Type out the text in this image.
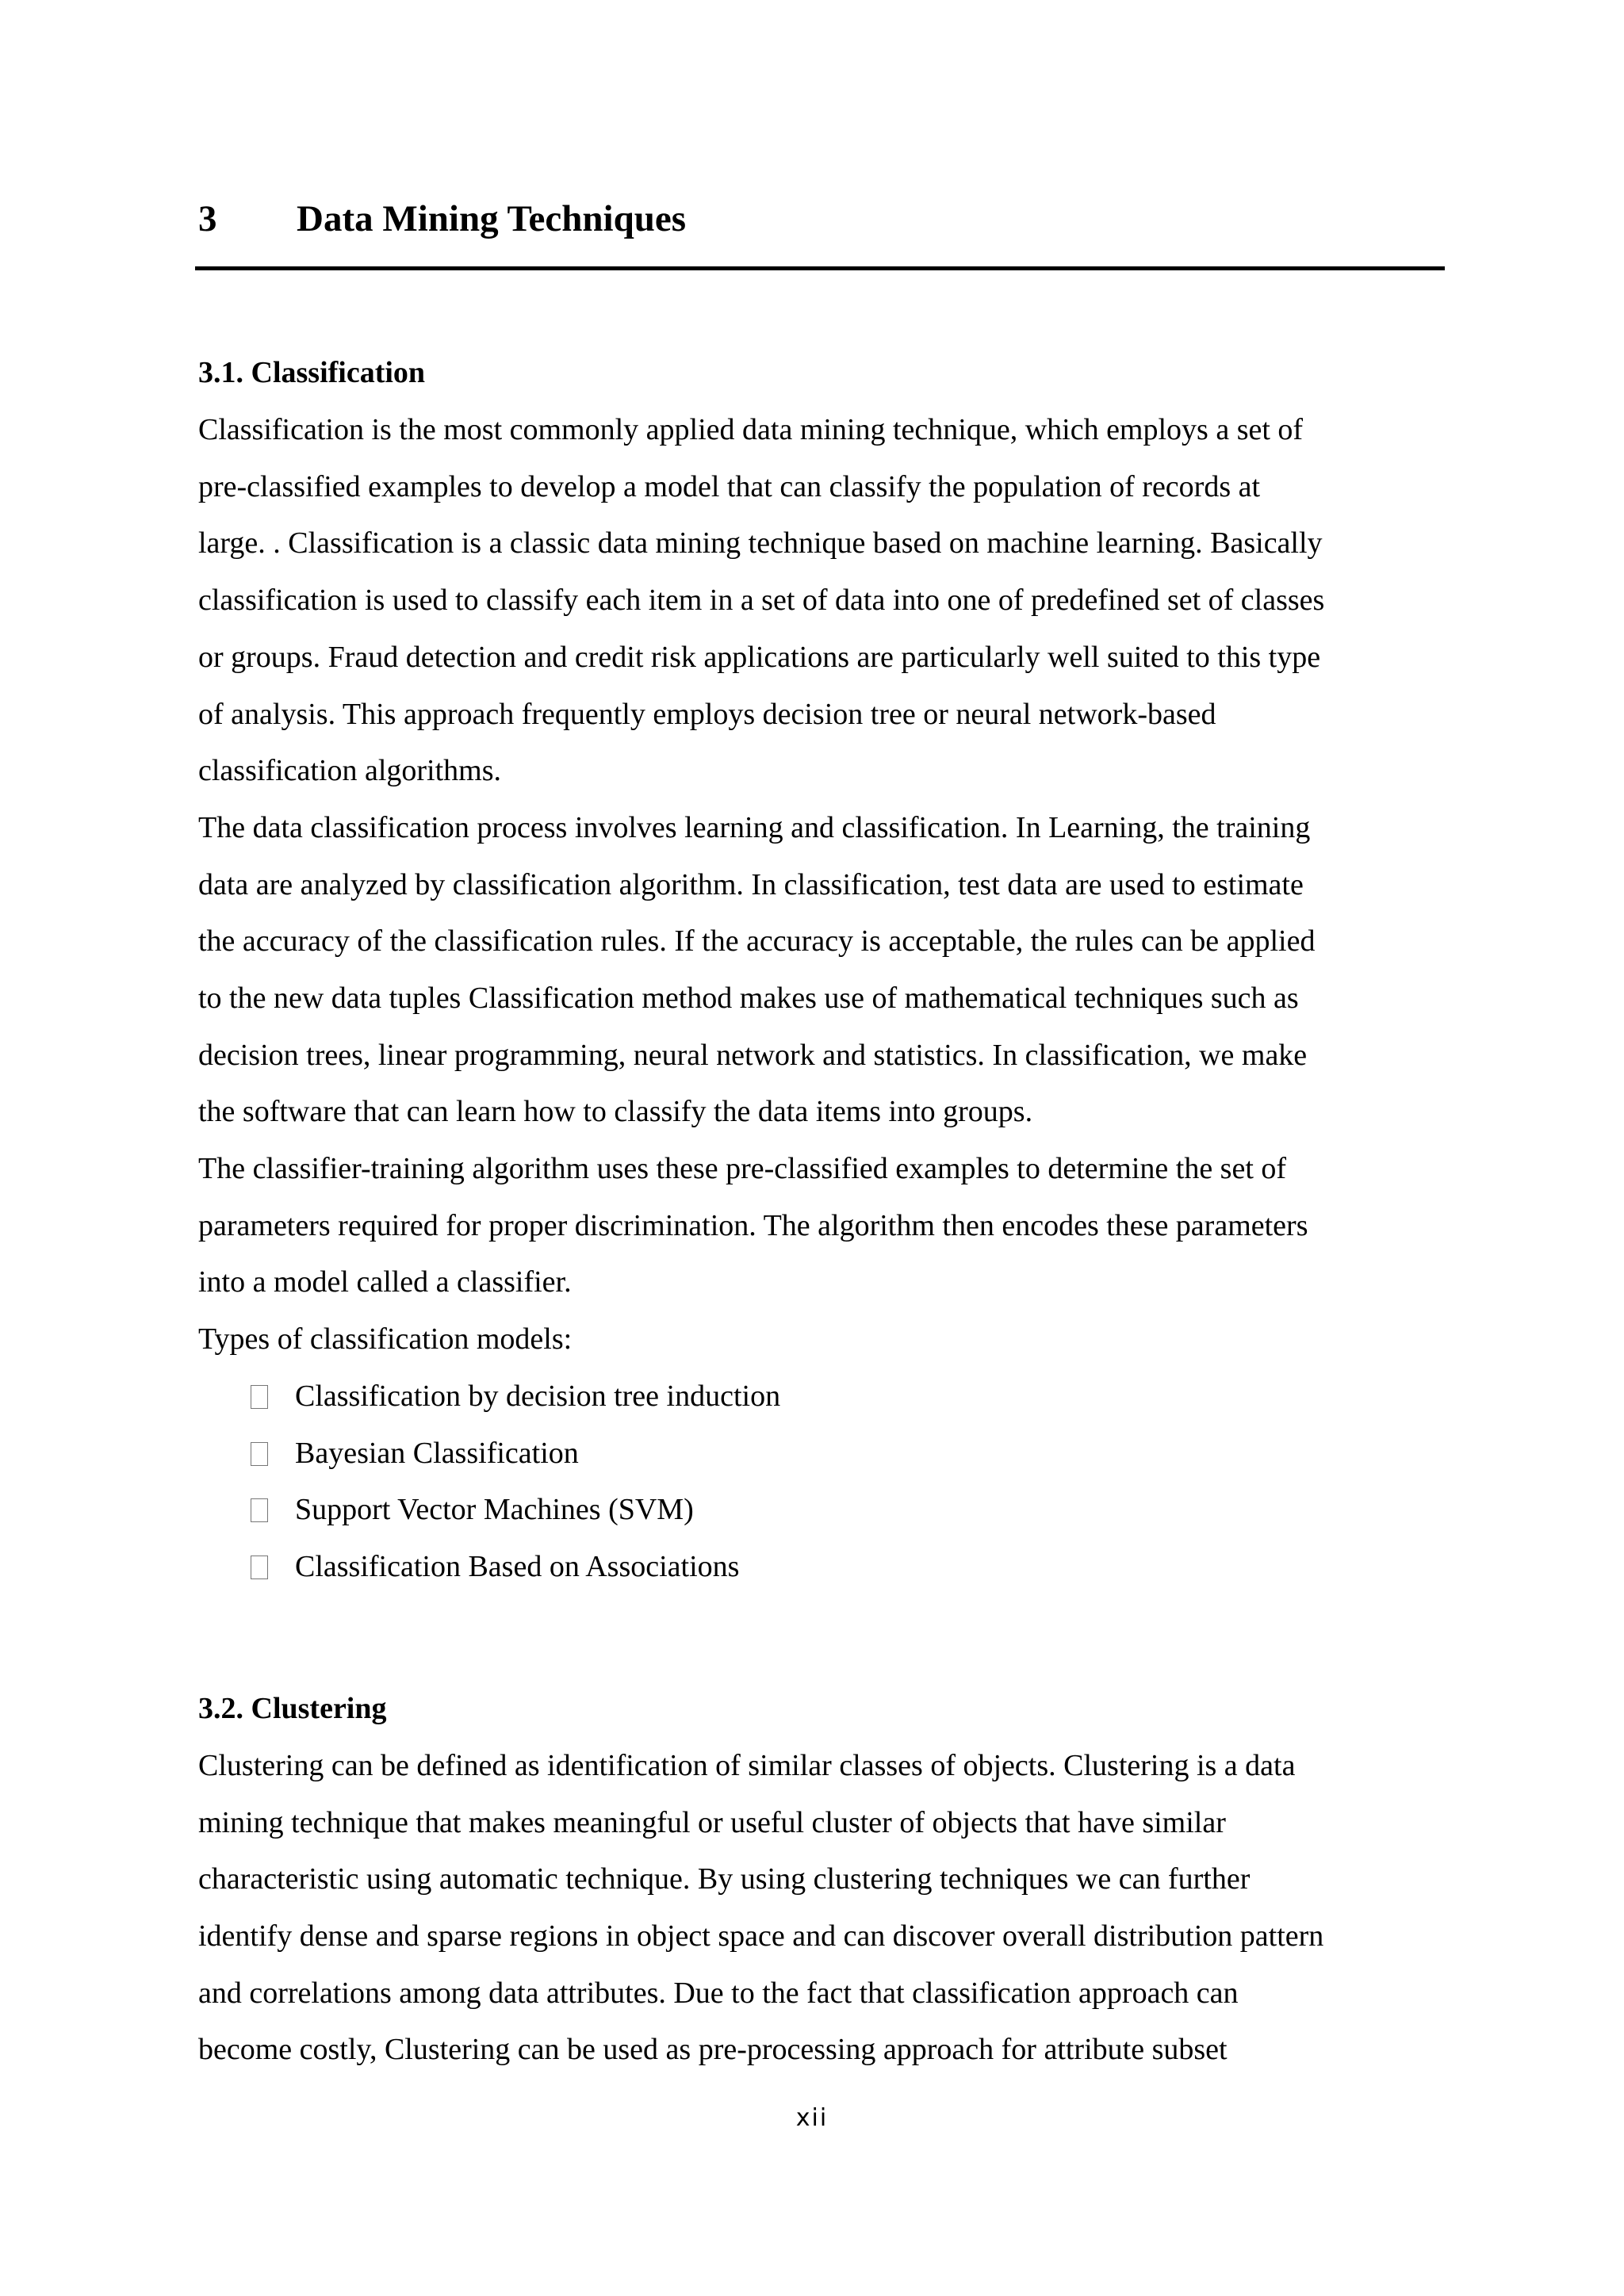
3 Data Mining Techniques
3.1. Classification
Classification is the most commonly applied data mining technique, which employs a set of
pre-classified examples to develop a model that can classify the population of records at
large. . Classification is a classic data mining technique based on machine learning. Basically
classification is used to classify each item in a set of data into one of predefined set of classes
or groups. Fraud detection and credit risk applications are particularly well suited to this type
of analysis. This approach frequently employs decision tree or neural network-based
classification algorithms.
The data classification process involves learning and classification. In Learning, the training
data are analyzed by classification algorithm. In classification, test data are used to estimate
the accuracy of the classification rules. If the accuracy is acceptable, the rules can be applied
to the new data tuples Classification method makes use of mathematical techniques such as
decision trees, linear programming, neural network and statistics. In classification, we make
the software that can learn how to classify the data items into groups.
The classifier-training algorithm uses these pre-classified examples to determine the set of
parameters required for proper discrimination. The algorithm then encodes these parameters
into a model called a classifier.
Types of classification models:
Classification by decision tree induction
Bayesian Classification
Support Vector Machines (SVM)
Classification Based on Associations
3.2. Clustering
Clustering can be defined as identification of similar classes of objects. Clustering is a data
mining technique that makes meaningful or useful cluster of objects that have similar
characteristic using automatic technique. By using clustering techniques we can further
identify dense and sparse regions in object space and can discover overall distribution pattern
and correlations among data attributes. Due to the fact that classification approach can
become costly, Clustering can be used as pre-processing approach for attribute subset
xii
